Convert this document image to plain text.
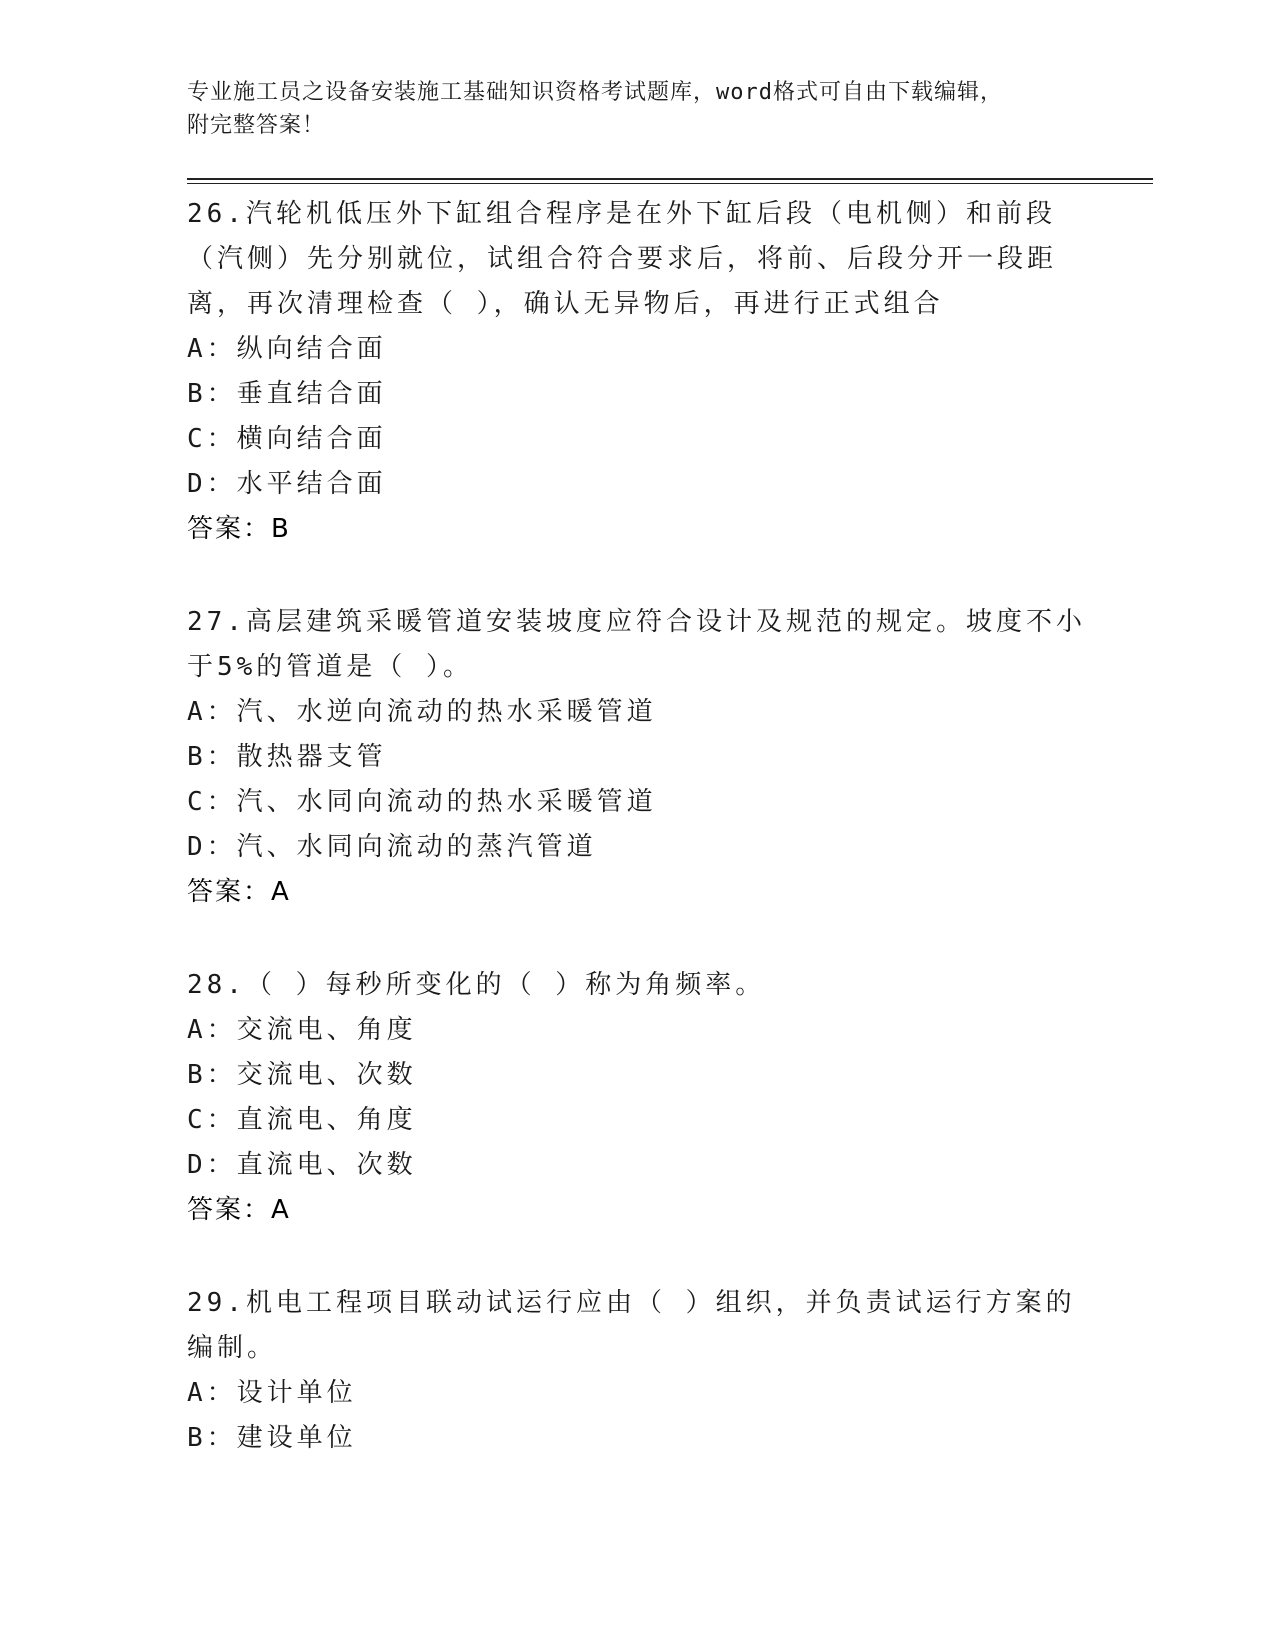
专业施工员之设备安装施工基础知识资格考试题库，word格式可自由下载编辑，
附完整答案！
26.汽轮机低压外下缸组合程序是在外下缸后段（电机侧）和前段（汽侧）先分别就位，试组合符合要求后，将前、后段分开一段距离，再次清理检查（ ），确认无异物后，再进行正式组合
A：纵向结合面
B：垂直结合面
C：横向结合面
D：水平结合面
答案：B
27.高层建筑采暖管道安装坡度应符合设计及规范的规定。坡度不小于5%的管道是（ ）。
A：汽、水逆向流动的热水采暖管道
B：散热器支管
C：汽、水同向流动的热水采暖管道
D：汽、水同向流动的蒸汽管道
答案：A
28.（ ）每秒所变化的（ ）称为角频率。
A：交流电、角度
B：交流电、次数
C：直流电、角度
D：直流电、次数
答案：A
29.机电工程项目联动试运行应由（ ）组织，并负责试运行方案的编制。
A：设计单位
B：建设单位
